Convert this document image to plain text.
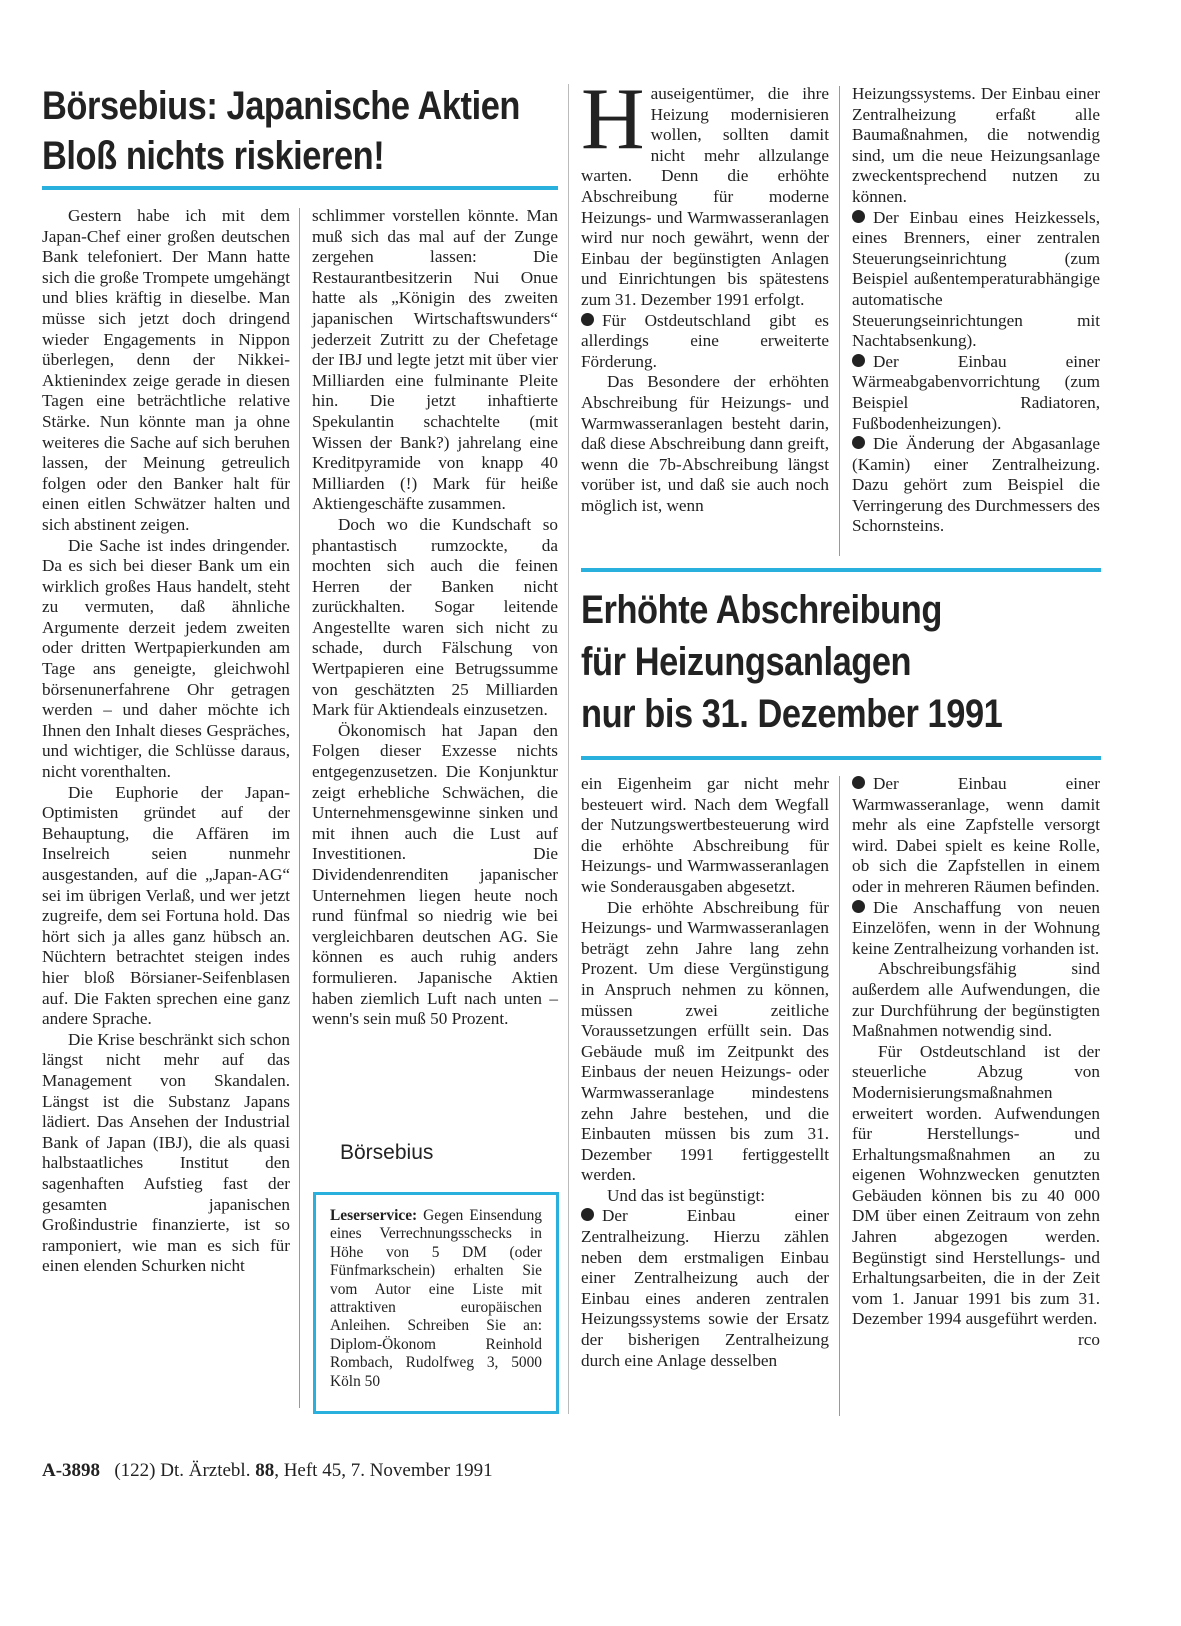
Börsebius: Japanische Aktien
Bloß nichts riskieren!

Gestern habe ich mit dem Japan-Chef einer großen deutschen Bank telefoniert. Der Mann hatte sich die große Trompete umgehängt und blies kräftig in dieselbe. Man müsse sich jetzt doch dringend wieder Engagements in Nippon überlegen, denn der Nikkei-Aktienindex zeige gerade in diesen Tagen eine beträchtliche relative Stärke. Nun könnte man ja ohne weiteres die Sache auf sich beruhen lassen, der Meinung getreulich folgen oder den Banker halt für einen eitlen Schwätzer halten und sich abstinent zeigen.

Die Sache ist indes dringender. Da es sich bei dieser Bank um ein wirklich großes Haus handelt, steht zu vermuten, daß ähnliche Argumente derzeit jedem zweiten oder dritten Wertpapierkunden am Tage ans geneigte, gleichwohl börsenunerfahrene Ohr getragen werden – und daher möchte ich Ihnen den Inhalt dieses Gespräches, und wichtiger, die Schlüsse daraus, nicht vorenthalten.

Die Euphorie der Japan-Optimisten gründet auf der Behauptung, die Affären im Inselreich seien nunmehr ausgestanden, auf die „Japan-AG“ sei im übrigen Verlaß, und wer jetzt zugreife, dem sei Fortuna hold. Das hört sich ja alles ganz hübsch an. Nüchtern betrachtet steigen indes hier bloß Börsianer-Seifenblasen auf. Die Fakten sprechen eine ganz andere Sprache.

Die Krise beschränkt sich schon längst nicht mehr auf das Management von Skandalen. Längst ist die Substanz Japans lädiert. Das Ansehen der Industrial Bank of Japan (IBJ), die als quasi halbstaatliches Institut den sagenhaften Aufstieg fast der gesamten japanischen Großindustrie finanzierte, ist so ramponiert, wie man es sich für einen elenden Schurken nicht

schlimmer vorstellen könnte. Man muß sich das mal auf der Zunge zergehen lassen: Die Restaurantbesitzerin Nui Onue hatte als „Königin des zweiten japanischen Wirtschaftswunders“ jederzeit Zutritt zu der Chefetage der IBJ und legte jetzt mit über vier Milliarden eine fulminante Pleite hin. Die jetzt inhaftierte Spekulantin schachtelte (mit Wissen der Bank?) jahrelang eine Kreditpyramide von knapp 40 Milliarden (!) Mark für heiße Aktiengeschäfte zusammen.

Doch wo die Kundschaft so phantastisch rumzockte, da mochten sich auch die feinen Herren der Banken nicht zurückhalten. Sogar leitende Angestellte waren sich nicht zu schade, durch Fälschung von Wertpapieren eine Betrugssumme von geschätzten 25 Milliarden Mark für Aktiendeals einzusetzen.

Ökonomisch hat Japan den Folgen dieser Exzesse nichts entgegenzusetzen. Die Konjunktur zeigt erhebliche Schwächen, die Unternehmensgewinne sinken und mit ihnen auch die Lust auf Investitionen. Die Dividendenrenditen japanischer Unternehmen liegen heute noch rund fünfmal so niedrig wie bei vergleichbaren deutschen AG. Sie können es auch ruhig anders formulieren. Japanische Aktien haben ziemlich Luft nach unten – wenn's sein muß 50 Prozent.

Börsebius
Leserservice: Gegen Einsendung eines Verrechnungsschecks in Höhe von 5 DM (oder Fünfmarkschein) erhalten Sie vom Autor eine Liste mit attraktiven europäischen Anleihen. Schreiben Sie an: Diplom-Ökonom Reinhold Rombach, Rudolfweg 3, 5000 Köln 50

Hauseigentümer, die ihre Heizung modernisieren wollen, sollten damit nicht mehr allzulange warten. Denn die erhöhte Abschreibung für moderne Heizungs- und Warmwasseranlagen wird nur noch gewährt, wenn der Einbau der begünstigten Anlagen und Einrichtungen bis spätestens zum 31. Dezember 1991 erfolgt.

Für Ostdeutschland gibt es allerdings eine erweiterte Förderung.

Das Besondere der erhöhten Abschreibung für Heizungs- und Warmwasseranlagen besteht darin, daß diese Abschreibung dann greift, wenn die 7b-Abschreibung längst vorüber ist, und daß sie auch noch möglich ist, wenn

Heizungssystems. Der Einbau einer Zentralheizung erfaßt alle Baumaßnahmen, die notwendig sind, um die neue Heizungsanlage zweckentsprechend nutzen zu können.

Der Einbau eines Heizkessels, eines Brenners, einer zentralen Steuerungseinrichtung (zum Beispiel außentemperaturabhängige automatische Steuerungseinrichtungen mit Nachtabsenkung).

Der Einbau einer Wärmeabgabenvorrichtung (zum Beispiel Radiatoren, Fußbodenheizungen).

Die Änderung der Abgasanlage (Kamin) einer Zentralheizung. Dazu gehört zum Beispiel die Verringerung des Durchmessers des Schornsteins.

Erhöhte Abschreibung
für Heizungsanlagen
nur bis 31. Dezember 1991

ein Eigenheim gar nicht mehr besteuert wird. Nach dem Wegfall der Nutzungswertbesteuerung wird die erhöhte Abschreibung für Heizungs- und Warmwasseranlagen wie Sonderausgaben abgesetzt.

Die erhöhte Abschreibung für Heizungs- und Warmwasseranlagen beträgt zehn Jahre lang zehn Prozent. Um diese Vergünstigung in Anspruch nehmen zu können, müssen zwei zeitliche Voraussetzungen erfüllt sein. Das Gebäude muß im Zeitpunkt des Einbaus der neuen Heizungs- oder Warmwasseranlage mindestens zehn Jahre bestehen, und die Einbauten müssen bis zum 31. Dezember 1991 fertiggestellt werden.

Und das ist begünstigt:

Der Einbau einer Zentralheizung. Hierzu zählen neben dem erstmaligen Einbau einer Zentralheizung auch der Einbau eines anderen zentralen Heizungssystems sowie der Ersatz der bisherigen Zentralheizung durch eine Anlage desselben

Der Einbau einer Warmwasseranlage, wenn damit mehr als eine Zapfstelle versorgt wird. Dabei spielt es keine Rolle, ob sich die Zapfstellen in einem oder in mehreren Räumen befinden.

Die Anschaffung von neuen Einzelöfen, wenn in der Wohnung keine Zentralheizung vorhanden ist.

Abschreibungsfähig sind außerdem alle Aufwendungen, die zur Durchführung der begünstigten Maßnahmen notwendig sind.

Für Ostdeutschland ist der steuerliche Abzug von Modernisierungsmaßnahmen erweitert worden. Aufwendungen für Herstellungs- und Erhaltungsmaßnahmen an zu eigenen Wohnzwecken genutzten Gebäuden können bis zu 40 000 DM über einen Zeitraum von zehn Jahren abgezogen werden. Begünstigt sind Herstellungs- und Erhaltungsarbeiten, die in der Zeit vom 1. Januar 1991 bis zum 31. Dezember 1994 ausgeführt werden.

rco
A-3898 (122) Dt. Ärztebl. 88, Heft 45, 7. November 1991
